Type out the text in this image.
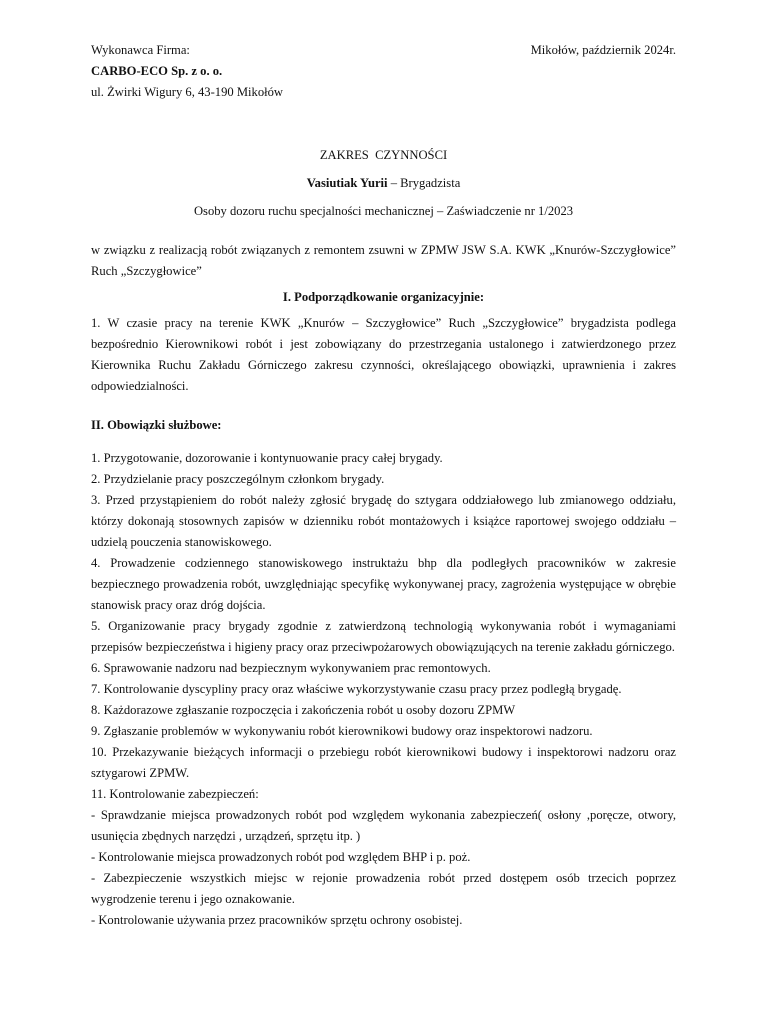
Wykonawca Firma:	Mikołów, październik 2024r.

CARBO-ECO Sp. z o. o.

ul. Żwirki Wigury 6, 43-190 Mikołów

ZAKRES  CZYNNOŚCI

Vasiutiak Yurii – Brygadzista

Osoby dozoru ruchu specjalności mechanicznej – Zaświadczenie nr 1/2023

w związku z realizacją robót związanych z remontem zsuwni w ZPMW JSW S.A. KWK „Knurów-Szczygłowice” Ruch „Szczygłowice”

I. Podporządkowanie organizacyjnie:

1. W czasie pracy na terenie KWK „Knurów – Szczygłowice” Ruch „Szczygłowice” brygadzista podlega bezpośrednio Kierownikowi robót i jest zobowiązany do przestrzegania ustalonego i zatwierdzonego przez Kierownika Ruchu Zakładu Górniczego zakresu czynności, określającego obowiązki, uprawnienia i zakres odpowiedzialności.

II. Obowiązki służbowe:

1. Przygotowanie, dozorowanie i kontynuowanie pracy całej brygady.

2. Przydzielanie pracy poszczególnym członkom brygady.

3. Przed przystąpieniem do robót należy zgłosić brygadę do sztygara oddziałowego lub zmianowego oddziału, którzy dokonają stosownych zapisów w dzienniku robót montażowych i książce raportowej swojego oddziału – udzielą pouczenia stanowiskowego.

4. Prowadzenie codziennego stanowiskowego instruktażu bhp dla podległych pracowników w zakresie bezpiecznego prowadzenia robót, uwzględniając specyfikę wykonywanej pracy, zagrożenia występujące w obrębie stanowisk pracy oraz dróg dojścia.

5. Organizowanie pracy brygady zgodnie z zatwierdzoną technologią wykonywania robót i wymaganiami przepisów bezpieczeństwa i higieny pracy oraz przeciwpożarowych obowiązujących na terenie zakładu górniczego.

6. Sprawowanie nadzoru nad bezpiecznym wykonywaniem prac remontowych.

7. Kontrolowanie dyscypliny pracy oraz właściwe wykorzystywanie czasu pracy przez podległą brygadę.

8. Każdorazowe zgłaszanie rozpoczęcia i zakończenia robót u osoby dozoru ZPMW

9. Zgłaszanie problemów w wykonywaniu robót kierownikowi budowy oraz inspektorowi nadzoru.

10. Przekazywanie bieżących informacji o przebiegu robót kierownikowi budowy i inspektorowi nadzoru oraz sztygarowi ZPMW.

11. Kontrolowanie zabezpieczeń:

- Sprawdzanie miejsca prowadzonych robót pod względem wykonania zabezpieczeń( osłony ,poręcze, otwory, usunięcia zbędnych narzędzi , urządzeń, sprzętu itp. )

- Kontrolowanie miejsca prowadzonych robót pod względem BHP i p. poż.

- Zabezpieczenie wszystkich miejsc w rejonie prowadzenia robót przed dostępem osób trzecich poprzez wygrodzenie terenu i jego oznakowanie.

- Kontrolowanie używania przez pracowników sprzętu ochrony osobistej.
